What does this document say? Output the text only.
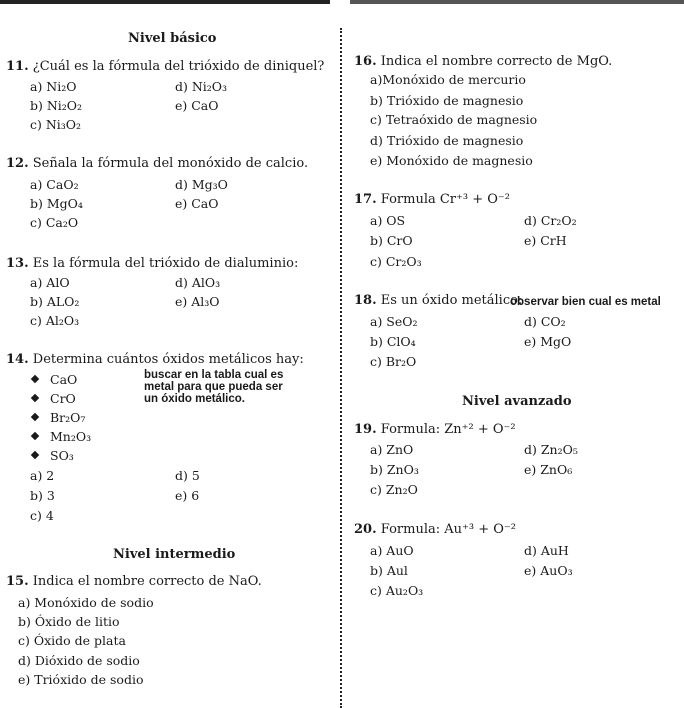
Nivel básico
11. ¿Cuál es la fórmula del trióxido de diniquel?
a) Ni₂O
b) Ni₂O₂
c) Ni₃O₂
d) Ni₂O₃
e) CaO
12. Señala la fórmula del monóxido de calcio.
a) CaO₂
b) MgO₄
c) Ca₂O
d) Mg₃O
e) CaO
13. Es la fórmula del trióxido de dialuminio:
a) AlO
b) ALO₂
c) Al₂O₃
d) AlO₃
e) Al₃O
14. Determina cuántos óxidos metálicos hay:
CaO
CrO
Br₂O₇
Mn₂O₃
SO₃
buscar en la tabla cual es
metal para que pueda ser
un óxido metálico.
a) 2
b) 3
c) 4
d) 5
e) 6
Nivel intermedio
15. Indica el nombre correcto de NaO.
a) Monóxido de sodio
b) Óxido de litio
c) Óxido de plata
d) Dióxido de sodio
e) Trióxido de sodio
16. Indica el nombre correcto de MgO.
a)Monóxido de mercurio
b) Trióxido de magnesio
c) Tetraóxido de magnesio
d) Trióxido de magnesio
e) Monóxido de magnesio
17. Formula Cr⁺³ + O⁻²
a) OS
b) CrO
c) Cr₂O₃
d) Cr₂O₂
e) CrH
18. Es un óxido metálico:
observar bien cual es metal
a) SeO₂
b) ClO₄
c) Br₂O
d) CO₂
e) MgO
Nivel avanzado
19. Formula: Zn⁺² + O⁻²
a) ZnO
b) ZnO₃
c) Zn₂O
d) Zn₂O₅
e) ZnO₆
20. Formula: Au⁺³ + O⁻²
a) AuO
b) Aul
c) Au₂O₃
d) AuH
e) AuO₃
